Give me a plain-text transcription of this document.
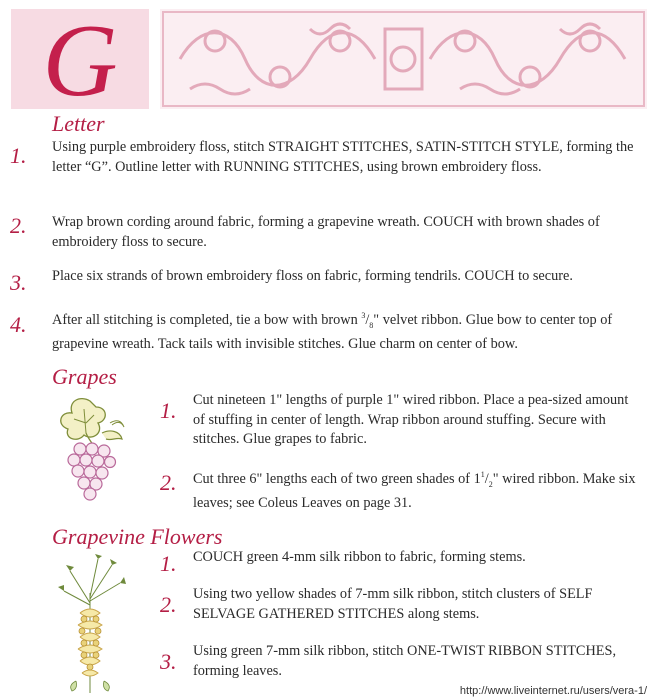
G
Letter
1. Using purple embroidery floss, stitch STRAIGHT STITCHES, SATIN-STITCH STYLE, forming the letter “G”. Outline letter with RUNNING STITCHES, using brown embroidery floss.
2. Wrap brown cording around fabric, forming a grapevine wreath. COUCH with brown shades of embroidery floss to secure.
3. Place six strands of brown embroidery floss on fabric, forming tendrils. COUCH to secure.
4. After all stitching is completed, tie a bow with brown $^3/_8$" velvet ribbon. Glue bow to center top of grapevine wreath. Tack tails with invisible stitches. Glue charm on center of bow.
Grapes
1. Cut nineteen 1" lengths of purple 1" wired ribbon. Place a pea-sized amount of stuffing in center of length. Wrap ribbon around stuffing. Secure with stitches. Glue grapes to fabric.
2. Cut three 6" lengths each of two green shades of $1^1/_2$" wired ribbon. Make six leaves; see Coleus Leaves on page 31.
Grapevine Flowers
1. COUCH green 4-mm silk ribbon to fabric, forming stems.
2. Using two yellow shades of 7-mm silk ribbon, stitch clusters of SELF SELVAGE GATHERED STITCHES along stems.
3. Using green 7-mm silk ribbon, stitch ONE-TWIST RIBBON STITCHES, forming leaves.
http://www.liveinternet.ru/users/vera-1/
